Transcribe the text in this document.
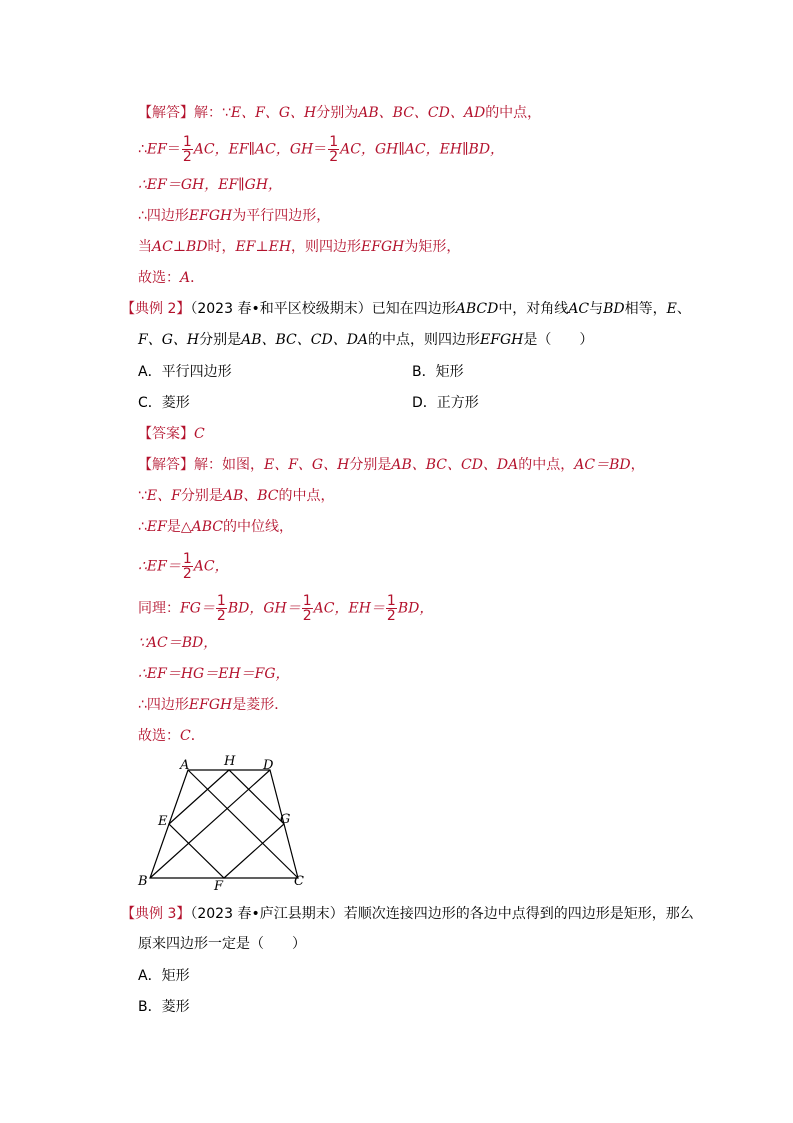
【解答】解：∵E、F、G、H分别为AB、BC、CD、AD的中点，
∴EF＝ $\frac{1}{2}$ AC，EF∥AC，$GH= \frac{1}{2}$ AC，GH∥AC，EH∥BD，
∴EF＝GH，EF∥GH，
∴四边形EFGH为平行四边形，
当AC⊥BD时，EF⊥EH，则四边形EFGH为矩形，
故选：A．
【典例 2】（2023 春•和平区校级期末）已知在四边形ABCD中，对角线AC与BD相等，E、
F、G、H分别是AB、BC、CD、DA的中点，则四边形EFGH是（　　）
A．平行四边形	B．矩形
C．菱形	D．正方形
【答案】C
【解答】解：如图，E、F、G、H分别是AB、BC、CD、DA的中点，AC＝BD，
∵E、F分别是AB、BC的中点，
∴EF是△ABC的中位线，
∴EF＝ $\frac{1}{2}$ AC，
同理：$FG= \frac{1}{2}$ BD，$GH= \frac{1}{2}$ AC，$EH= \frac{1}{2}$ BD，
∵AC＝BD，
∴EF＝HG＝EH＝FG，
∴四边形EFGH是菱形．
故选：C．
A	H D
E	G
B	F	C
【典例 3】（2023 春•庐江县期末）若顺次连接四边形的各边中点得到的四边形是矩形，那么
原来四边形一定是（　　）
A．矩形
B．菱形
